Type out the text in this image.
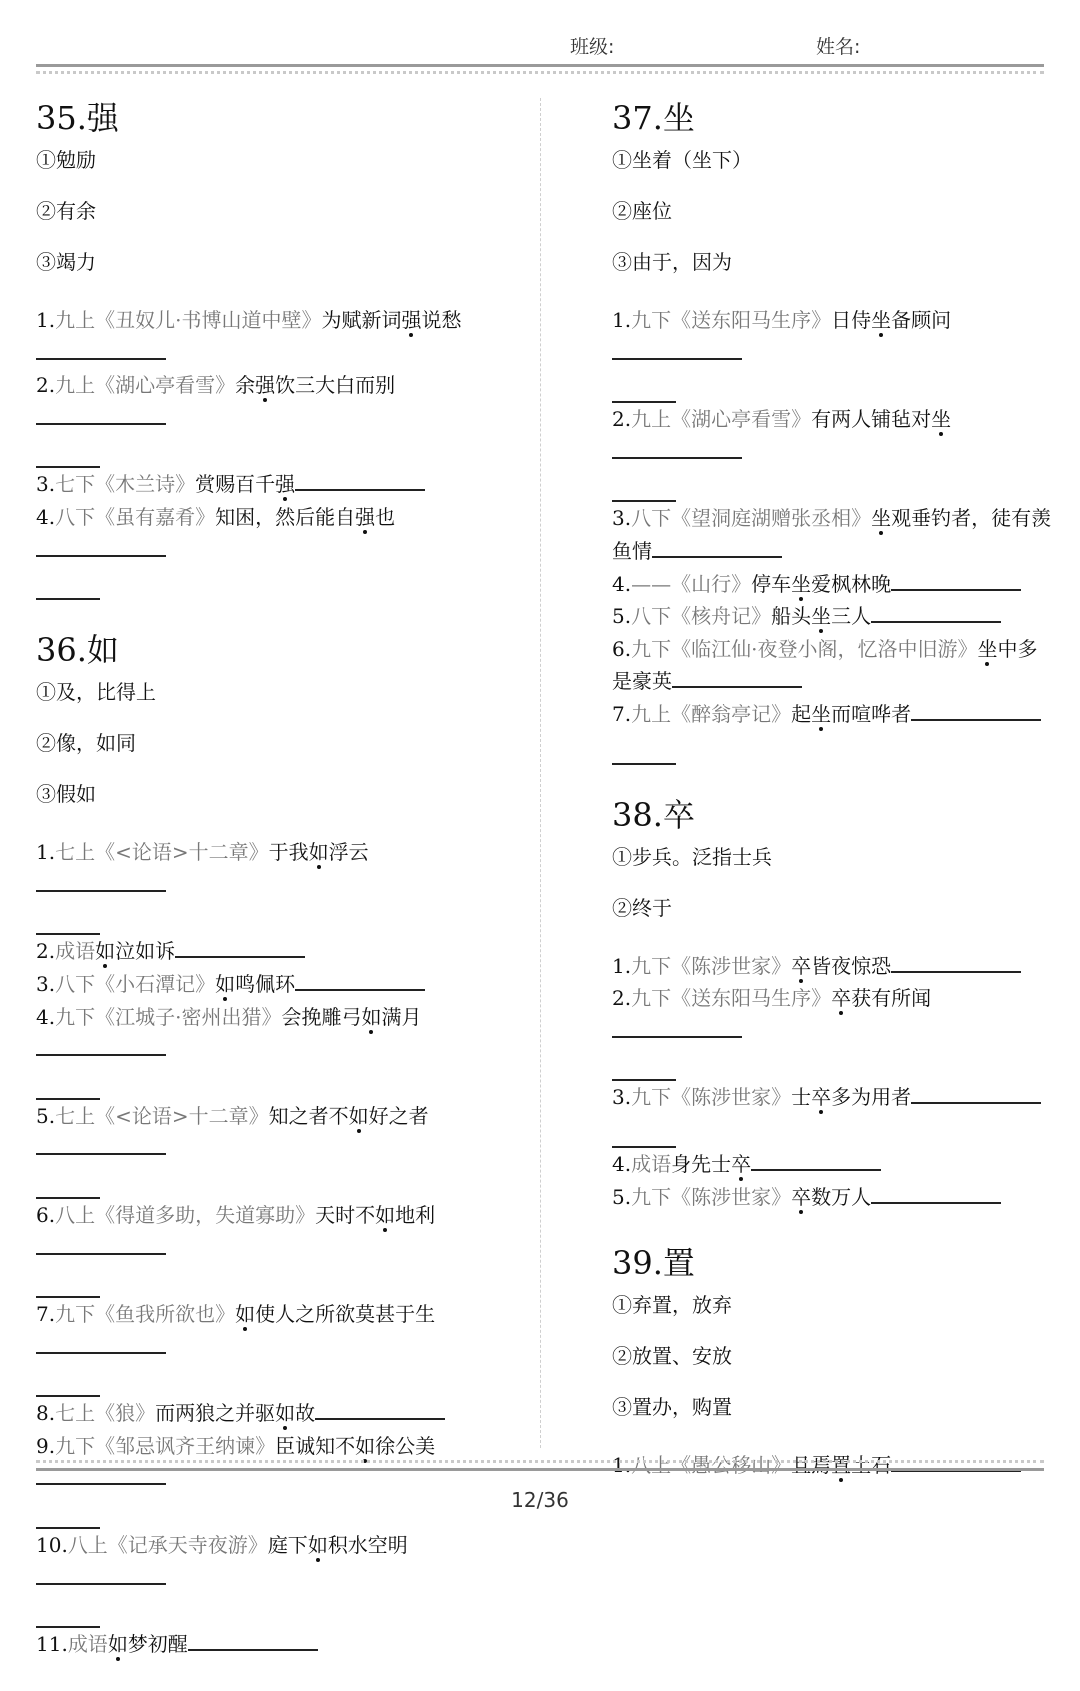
班级:	姓名:
35.强
①勉励
②有余
③竭力
1.九上《丑奴儿·书博山道中壁》为赋新词强说愁
2.九上《湖心亭看雪》余强饮三大白而别
3.七下《木兰诗》赏赐百千强
4.八下《虽有嘉肴》知困，然后能自强也
36.如
①及，比得上
②像，如同
③假如
1.七上《<论语>十二章》于我如浮云
2.成语如泣如诉
3.八下《小石潭记》如鸣佩环
4.九下《江城子·密州出猎》会挽雕弓如满月
5.七上《<论语>十二章》知之者不如好之者
6.八上《得道多助，失道寡助》天时不如地利
7.九下《鱼我所欲也》如使人之所欲莫甚于生
8.七上《狼》而两狼之并驱如故
9.九下《邹忌讽齐王纳谏》臣诚知不如徐公美
10.八上《记承天寺夜游》庭下如积水空明
11.成语如梦初醒
37.坐
①坐着（坐下）
②座位
③由于，因为
1.九下《送东阳马生序》日侍坐备顾问
2.九上《湖心亭看雪》有两人铺毡对坐
3.八下《望洞庭湖赠张丞相》坐观垂钓者，徒有羡鱼情
4.——《山行》停车坐爱枫林晚
5.八下《核舟记》船头坐三人
6.九下《临江仙·夜登小阁，忆洛中旧游》坐中多是豪英
7.九上《醉翁亭记》起坐而喧哗者
38.卒
①步兵。泛指士兵
②终于
1.九下《陈涉世家》卒皆夜惊恐
2.九下《送东阳马生序》卒获有所闻
3.九下《陈涉世家》士卒多为用者
4.成语身先士卒
5.九下《陈涉世家》卒数万人
39.置
①弃置，放弃
②放置、安放
③置办，购置
1.八上《愚公移山》且焉置土石
12/36
